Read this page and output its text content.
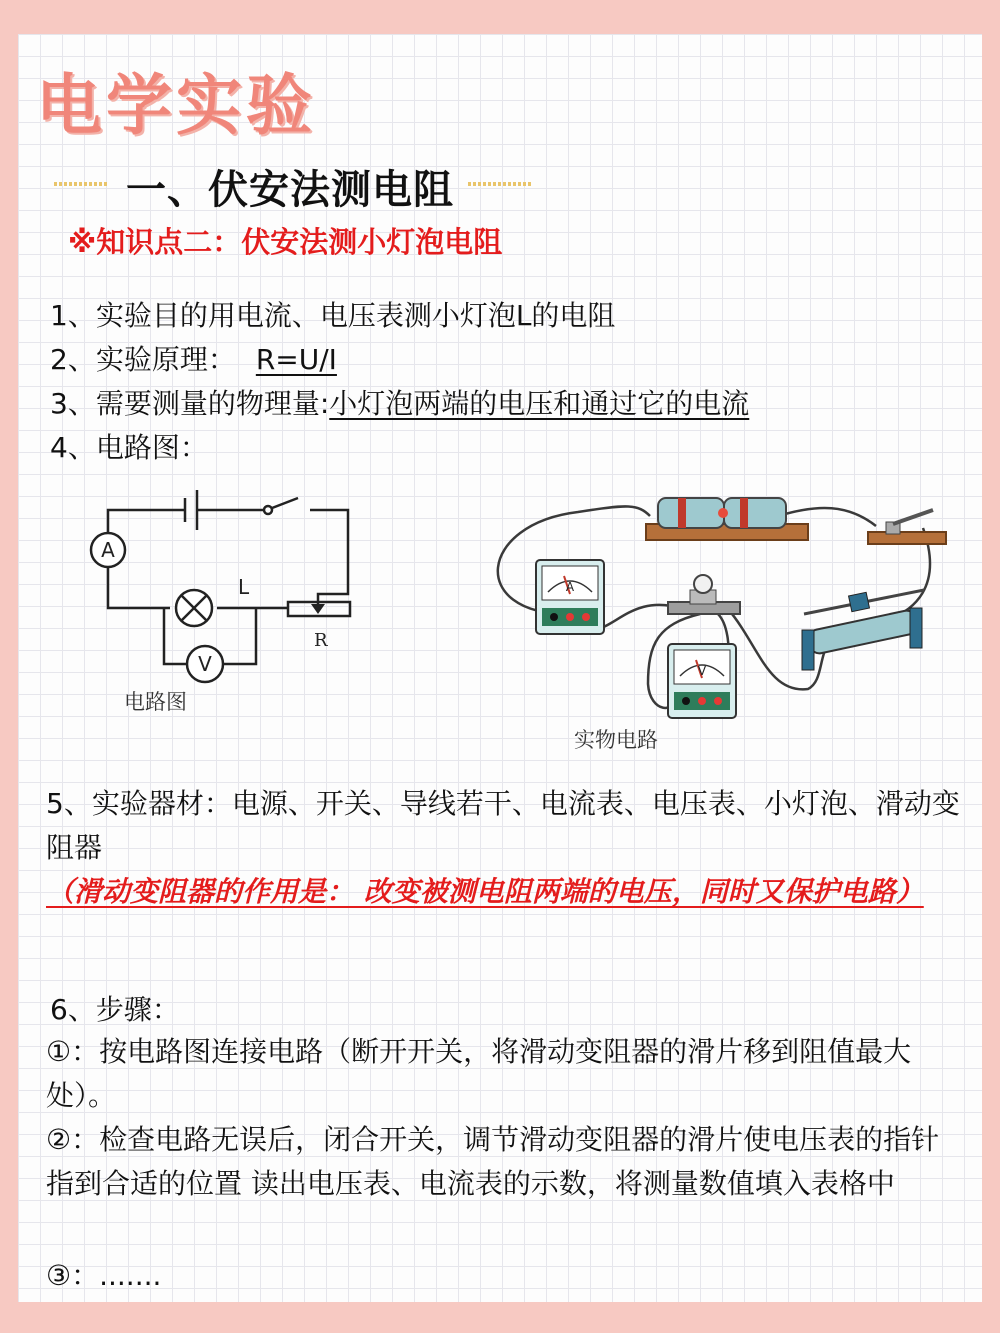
电学实验
一、伏安法测电阻
※知识点二：伏安法测小灯泡电阻
1、实验目的用电流、电压表测小灯泡L的电阻
2、实验原理： R=U/I
3、需要测量的物理量:小灯泡两端的电压和通过它的电流
4、电路图：
A
L
V
R
电路图
A
V
实物电路
5、实验器材：电源、开关、导线若干、电流表、电压表、小灯泡、滑动变阻器
（滑动变阻器的作用是： 改变被测电阻两端的电压，同时又保护电路）
6、步骤：
①：按电路图连接电路（断开开关，将滑动变阻器的滑片移到阻值最大处）。
②：检查电路无误后，闭合开关，调节滑动变阻器的滑片使电压表的指针指到合适的位置 读出电压表、电流表的示数，将测量数值填入表格中
③：.......
